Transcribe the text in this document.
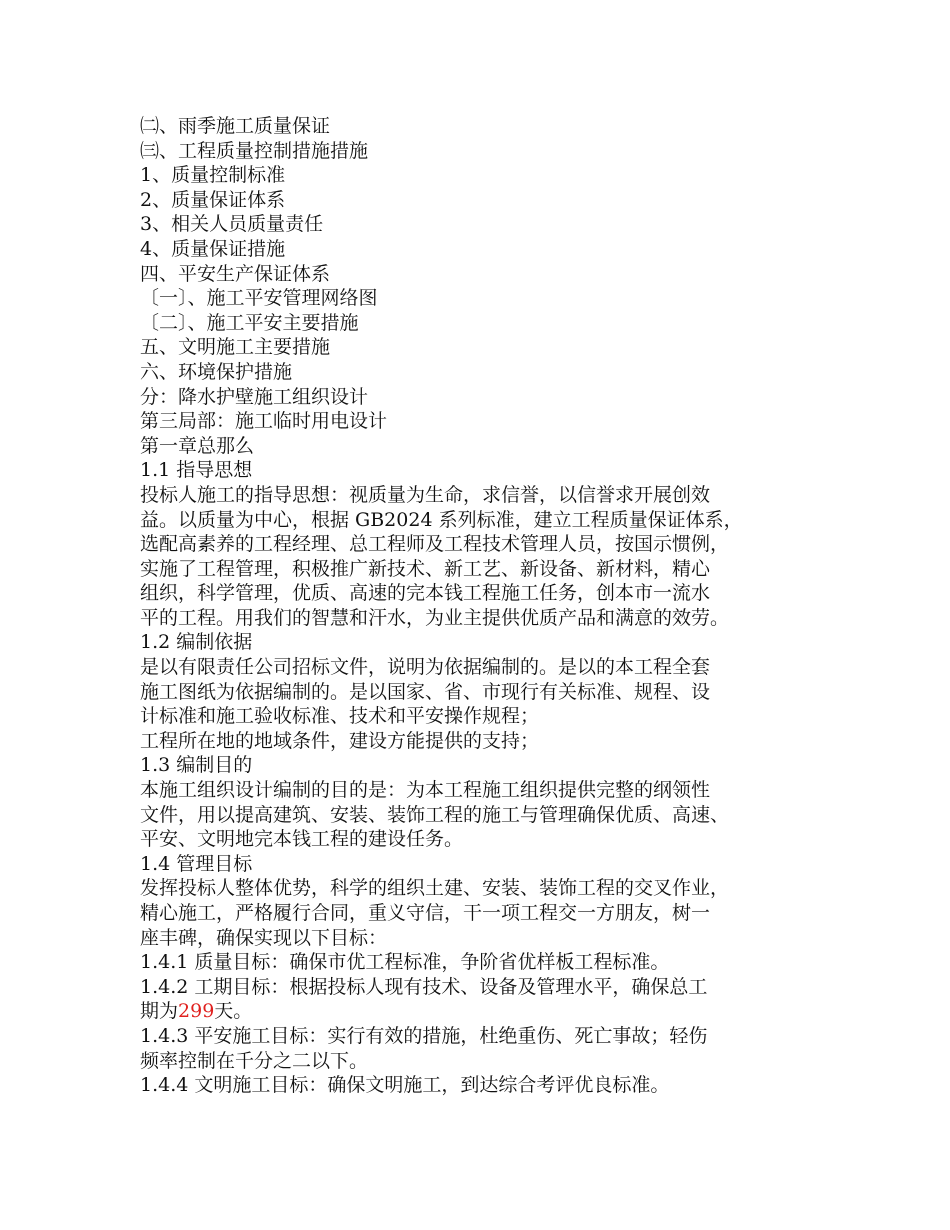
㈡、雨季施工质量保证
㈢、工程质量控制措施措施
1、质量控制标准
2、质量保证体系
3、相关人员质量责任
4、质量保证措施
四、平安生产保证体系
〔一〕、施工平安管理网络图
〔二〕、施工平安主要措施
五、文明施工主要措施
六、环境保护措施
分：降水护壁施工组织设计
第三局部：施工临时用电设计
第一章总那么
1.1 指导思想
投标人施工的指导思想：视质量为生命，求信誉，以信誉求开展创效
益。以质量为中心，根据 GB2024 系列标准，建立工程质量保证体系，
选配高素养的工程经理、总工程师及工程技术管理人员，按国示惯例，
实施了工程管理，积极推广新技术、新工艺、新设备、新材料，精心
组织，科学管理，优质、高速的完本钱工程施工任务，创本市一流水
平的工程。用我们的智慧和汗水，为业主提供优质产品和满意的效劳。
1.2 编制依据
是以有限责任公司招标文件，说明为依据编制的。是以的本工程全套
施工图纸为依据编制的。是以国家、省、市现行有关标准、规程、设
计标准和施工验收标准、技术和平安操作规程；
工程所在地的地域条件，建设方能提供的支持；
1.3 编制目的
本施工组织设计编制的目的是：为本工程施工组织提供完整的纲领性
文件，用以提高建筑、安装、装饰工程的施工与管理确保优质、高速、
平安、文明地完本钱工程的建设任务。
1.4 管理目标
发挥投标人整体优势，科学的组织土建、安装、装饰工程的交叉作业，
精心施工，严格履行合同，重义守信，干一项工程交一方朋友，树一
座丰碑，确保实现以下目标：
1.4.1 质量目标：确保市优工程标准，争阶省优样板工程标准。
1.4.2 工期目标：根据投标人现有技术、设备及管理水平，确保总工
期为299天。
1.4.3 平安施工目标：实行有效的措施，杜绝重伤、死亡事故；轻伤
频率控制在千分之二以下。
1.4.4 文明施工目标：确保文明施工，到达综合考评优良标准。
